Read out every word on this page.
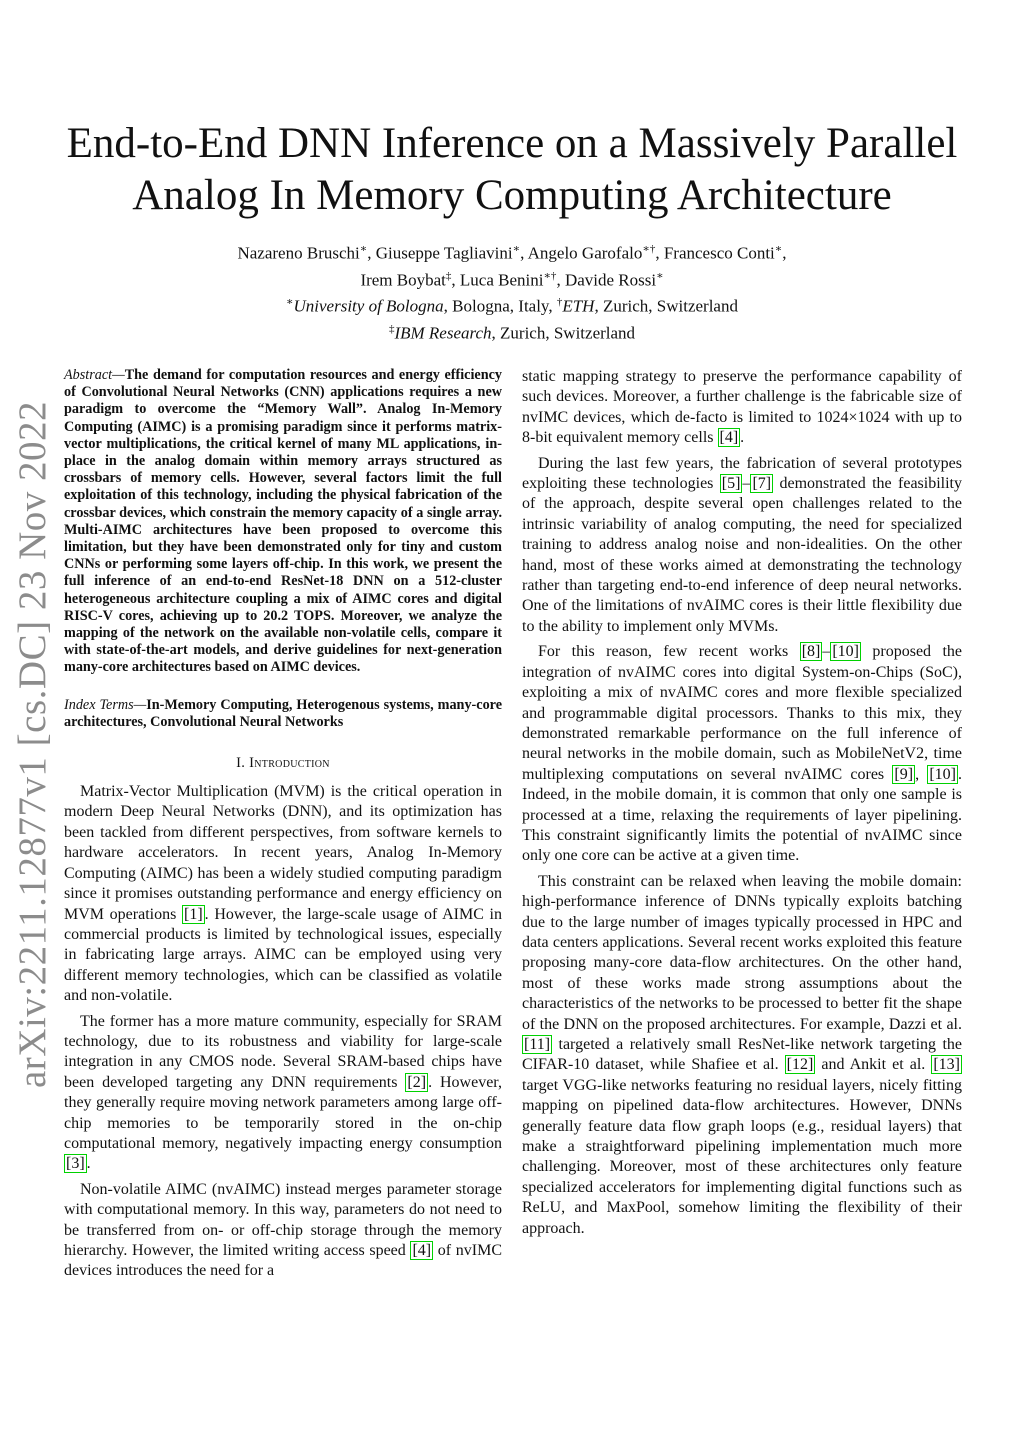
arXiv:2211.12877v1 [cs.DC] 23 Nov 2022
End-to-End DNN Inference on a Massively Parallel Analog In Memory Computing Architecture
Nazareno Bruschi∗, Giuseppe Tagliavini∗, Angelo Garofalo∗†, Francesco Conti∗,
Irem Boybat‡, Luca Benini∗†, Davide Rossi∗
∗University of Bologna, Bologna, Italy, †ETH, Zurich, Switzerland
‡IBM Research, Zurich, Switzerland

Abstract—The demand for computation resources and energy efficiency of Convolutional Neural Networks (CNN) applications requires a new paradigm to overcome the “Memory Wall”. Analog In-Memory Computing (AIMC) is a promising paradigm since it performs matrix-vector multiplications, the critical kernel of many ML applications, in-place in the analog domain within memory arrays structured as crossbars of memory cells. However, several factors limit the full exploitation of this technology, including the physical fabrication of the crossbar devices, which constrain the memory capacity of a single array. Multi-AIMC architectures have been proposed to overcome this limitation, but they have been demonstrated only for tiny and custom CNNs or performing some layers off-chip. In this work, we present the full inference of an end-to-end ResNet-18 DNN on a 512-cluster heterogeneous architecture coupling a mix of AIMC cores and digital RISC-V cores, achieving up to 20.2 TOPS. Moreover, we analyze the mapping of the network on the available non-volatile cells, compare it with state-of-the-art models, and derive guidelines for next-generation many-core architectures based on AIMC devices.

Index Terms—In-Memory Computing, Heterogenous systems, many-core architectures, Convolutional Neural Networks

I. Introduction

Matrix-Vector Multiplication (MVM) is the critical operation in modern Deep Neural Networks (DNN), and its optimization has been tackled from different perspectives, from software kernels to hardware accelerators. In recent years, Analog In-Memory Computing (AIMC) has been a widely studied computing paradigm since it promises outstanding performance and energy efficiency on MVM operations [1] . However, the large-scale usage of AIMC in commercial products is limited by technological issues, especially in fabricating large arrays. AIMC can be employed using very different memory technologies, which can be classified as volatile and non-volatile.

The former has a more mature community, especially for SRAM technology, due to its robustness and viability for large-scale integration in any CMOS node. Several SRAM-based chips have been developed targeting any DNN requirements [2] . However, they generally require moving network parameters among large off-chip memories to be temporarily stored in the on-chip computational memory, negatively impacting energy consumption [3] .

Non-volatile AIMC (nvAIMC) instead merges parameter storage with computational memory. In this way, parameters do not need to be transferred from on- or off-chip storage through the memory hierarchy. However, the limited writing access speed [4] of nvIMC devices introduces the need for a

static mapping strategy to preserve the performance capability of such devices. Moreover, a further challenge is the fabricable size of nvIMC devices, which de-facto is limited to 1024×1024 with up to 8-bit equivalent memory cells [4] .

During the last few years, the fabrication of several prototypes exploiting these technologies [5] – [7] demonstrated the feasibility of the approach, despite several open challenges related to the intrinsic variability of analog computing, the need for specialized training to address analog noise and non-idealities. On the other hand, most of these works aimed at demonstrating the technology rather than targeting end-to-end inference of deep neural networks. One of the limitations of nvAIMC cores is their little flexibility due to the ability to implement only MVMs.

For this reason, few recent works [8] – [10] proposed the integration of nvAIMC cores into digital System-on-Chips (SoC), exploiting a mix of nvAIMC cores and more flexible specialized and programmable digital processors. Thanks to this mix, they demonstrated remarkable performance on the full inference of neural networks in the mobile domain, such as MobileNetV2, time multiplexing computations on several nvAIMC cores [9] , [10] . Indeed, in the mobile domain, it is common that only one sample is processed at a time, relaxing the requirements of layer pipelining. This constraint significantly limits the potential of nvAIMC since only one core can be active at a given time.

This constraint can be relaxed when leaving the mobile domain: high-performance inference of DNNs typically exploits batching due to the large number of images typically processed in HPC and data centers applications. Several recent works exploited this feature proposing many-core data-flow architectures. On the other hand, most of these works made strong assumptions about the characteristics of the networks to be processed to better fit the shape of the DNN on the proposed architectures. For example, Dazzi et al. [11] targeted a relatively small ResNet-like network targeting the CIFAR-10 dataset, while Shafiee et al. [12] and Ankit et al. [13] target VGG-like networks featuring no residual layers, nicely fitting mapping on pipelined data-flow architectures. However, DNNs generally feature data flow graph loops (e.g., residual layers) that make a straightforward pipelining implementation much more challenging. Moreover, most of these architectures only feature specialized accelerators for implementing digital functions such as ReLU, and MaxPool, somehow limiting the flexibility of their approach.
